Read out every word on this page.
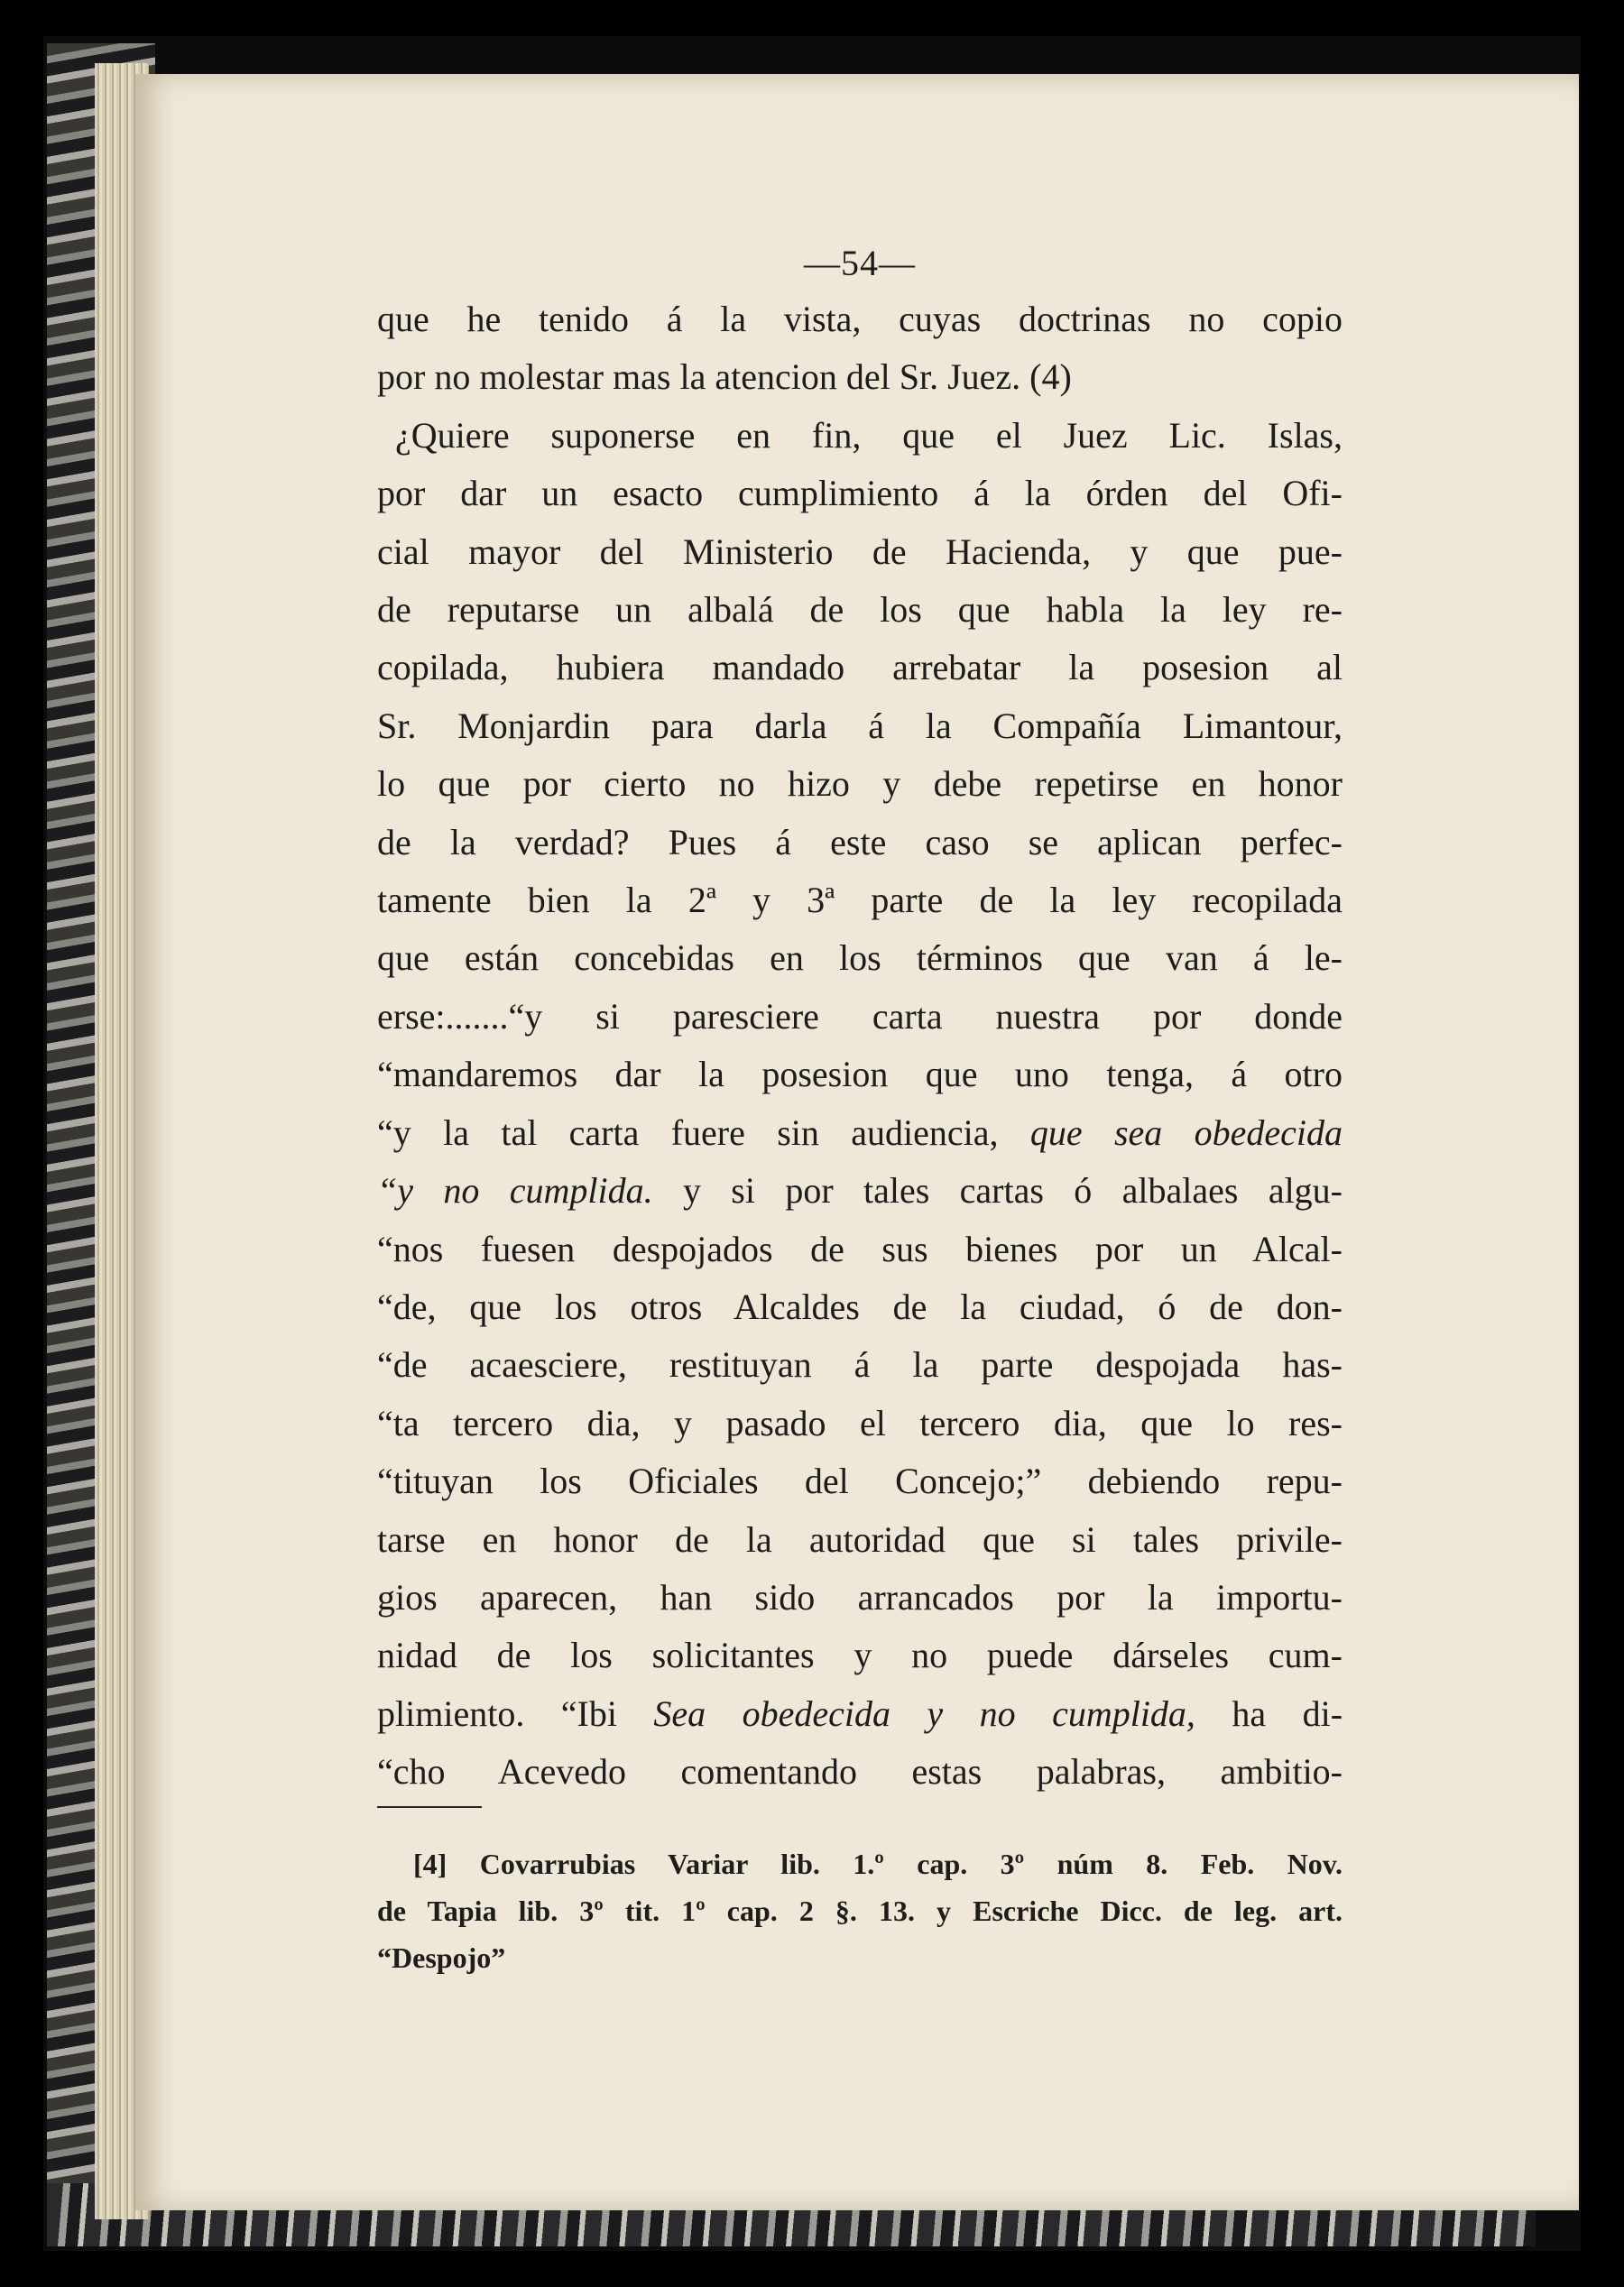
—54—
que he tenido á la vista, cuyas doctrinas no copio
por no molestar mas la atencion del Sr. Juez. (4)
¿Quiere suponerse en fin, que el Juez Lic. Islas,
por dar un esacto cumplimiento á la órden del Ofi-
cial mayor del Ministerio de Hacienda, y que pue-
de reputarse un albalá de los que habla la ley re-
copilada, hubiera mandado arrebatar la posesion al
Sr. Monjardin para darla á la Compañía Limantour,
lo que por cierto no hizo y debe repetirse en honor
de la verdad? Pues á este caso se aplican perfec-
tamente bien la 2ª y 3ª parte de la ley recopilada
que están concebidas en los términos que van á le-
erse:.......“y si paresciere carta nuestra por donde
“mandaremos dar la posesion que uno tenga, á otro
“y la tal carta fuere sin audiencia, que sea obedecida
“y no cumplida. y si por tales cartas ó albalaes algu-
“nos fuesen despojados de sus bienes por un Alcal-
“de, que los otros Alcaldes de la ciudad, ó de don-
“de acaesciere, restituyan á la parte despojada has-
“ta tercero dia, y pasado el tercero dia, que lo res-
“tituyan los Oficiales del Concejo;” debiendo repu-
tarse en honor de la autoridad que si tales privile-
gios aparecen, han sido arrancados por la importu-
nidad de los solicitantes y no puede dárseles cum-
plimiento. “Ibi Sea obedecida y no cumplida, ha di-
“cho Acevedo comentando estas palabras, ambitio-
[4] Covarrubias Variar lib. 1.º cap. 3º núm 8. Feb. Nov.
de Tapia lib. 3º tit. 1º cap. 2 §. 13. y Escriche Dicc. de leg. art.
“Despojo”
